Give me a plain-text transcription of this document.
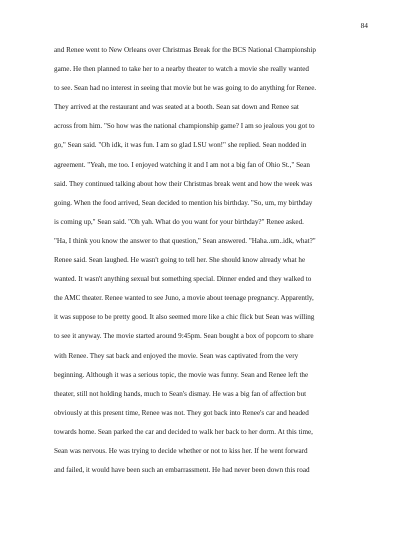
84
and Renee went to New Orleans over Christmas Break for the BCS National Championship
game. He then planned to take her to a nearby theater to watch a movie she really wanted
to see. Sean had no interest in seeing that movie but he was going to do anything for Renee.
They arrived at the restaurant and was seated at a booth. Sean sat down and Renee sat
across from him. "So how was the national championship game? I am so jealous you got to
go," Sean said. "Oh idk, it was fun. I am so glad LSU won!" she replied. Sean nodded in
agreement. "Yeah, me too. I enjoyed watching it and I am not a big fan of Ohio St.," Sean
said. They continued talking about how their Christmas break went and how the week was
going. When the food arrived, Sean decided to mention his birthday. "So, um, my birthday
is coming up," Sean said. "Oh yah. What do you want for your birthday?" Renee asked.
"Ha, I think you know the answer to that question," Sean answered. "Haha..um..idk, what?"
Renee said. Sean laughed. He wasn't going to tell her. She should know already what he
wanted. It wasn't anything sexual but something special. Dinner ended and they walked to
the AMC theater. Renee wanted to see Juno, a movie about teenage pregnancy. Apparently,
it was suppose to be pretty good. It also seemed more like a chic flick but Sean was willing
to see it anyway. The movie started around 9:45pm. Sean bought a box of popcorn to share
with Renee. They sat back and enjoyed the movie. Sean was captivated from the very
beginning. Although it was a serious topic, the movie was funny. Sean and Renee left the
theater, still not holding hands, much to Sean's dismay. He was a big fan of affection but
obviously at this present time, Renee was not. They got back into Renee's car and headed
towards home. Sean parked the car and decided to walk her back to her dorm. At this time,
Sean was nervous. He was trying to decide whether or not to kiss her. If he went forward
and failed, it would have been such an embarrassment. He had never been down this road
